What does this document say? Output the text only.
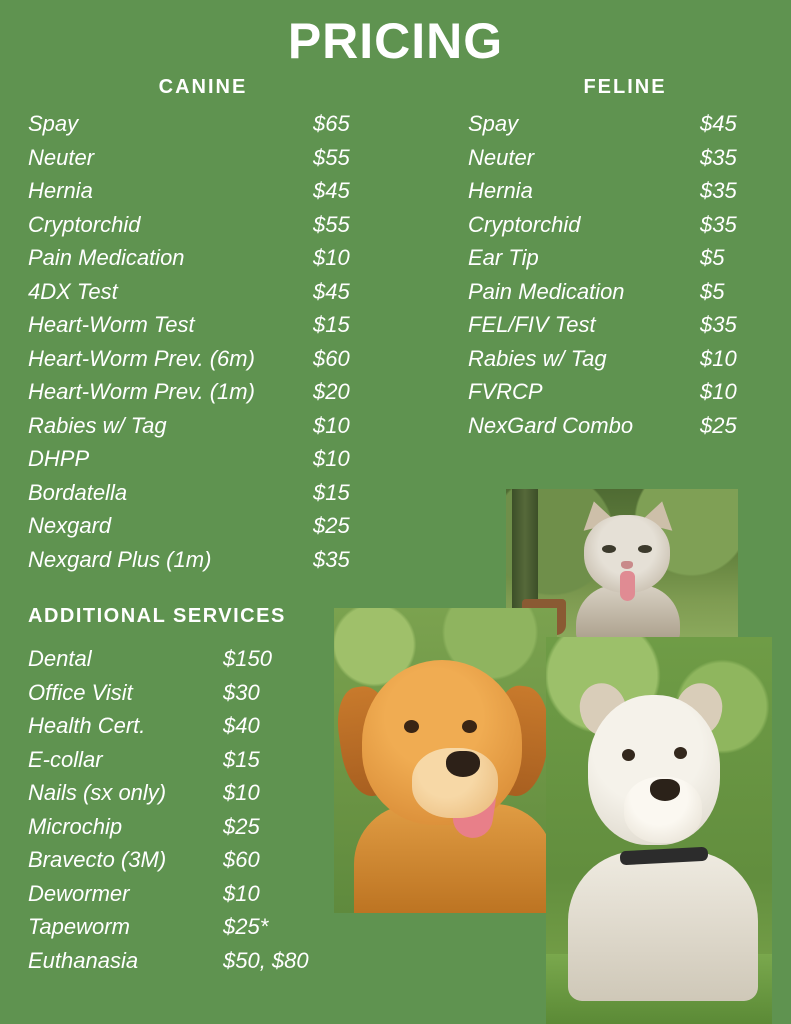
PRICING
CANINE
Spay	$65
Neuter	$55
Hernia	$45
Cryptorchid	$55
Pain Medication	$10
4DX Test	$45
Heart-Worm Test	$15
Heart-Worm Prev. (6m)	$60
Heart-Worm Prev. (1m)	$20
Rabies w/ Tag	$10
DHPP	$10
Bordatella	$15
Nexgard	$25
Nexgard Plus (1m)	$35
FELINE
Spay	$45
Neuter	$35
Hernia	$35
Cryptorchid	$35
Ear Tip	$5
Pain Medication	$5
FEL/FIV Test	$35
Rabies w/ Tag	$10
FVRCP	$10
NexGard Combo	$25
ADDITIONAL SERVICES
Dental	$150
Office Visit	$30
Health Cert.	$40
E-collar	$15
Nails (sx only)	$10
Microchip	$25
Bravecto (3M)	$60
Dewormer	$10
Tapeworm	$25*
Euthanasia	$50, $80
